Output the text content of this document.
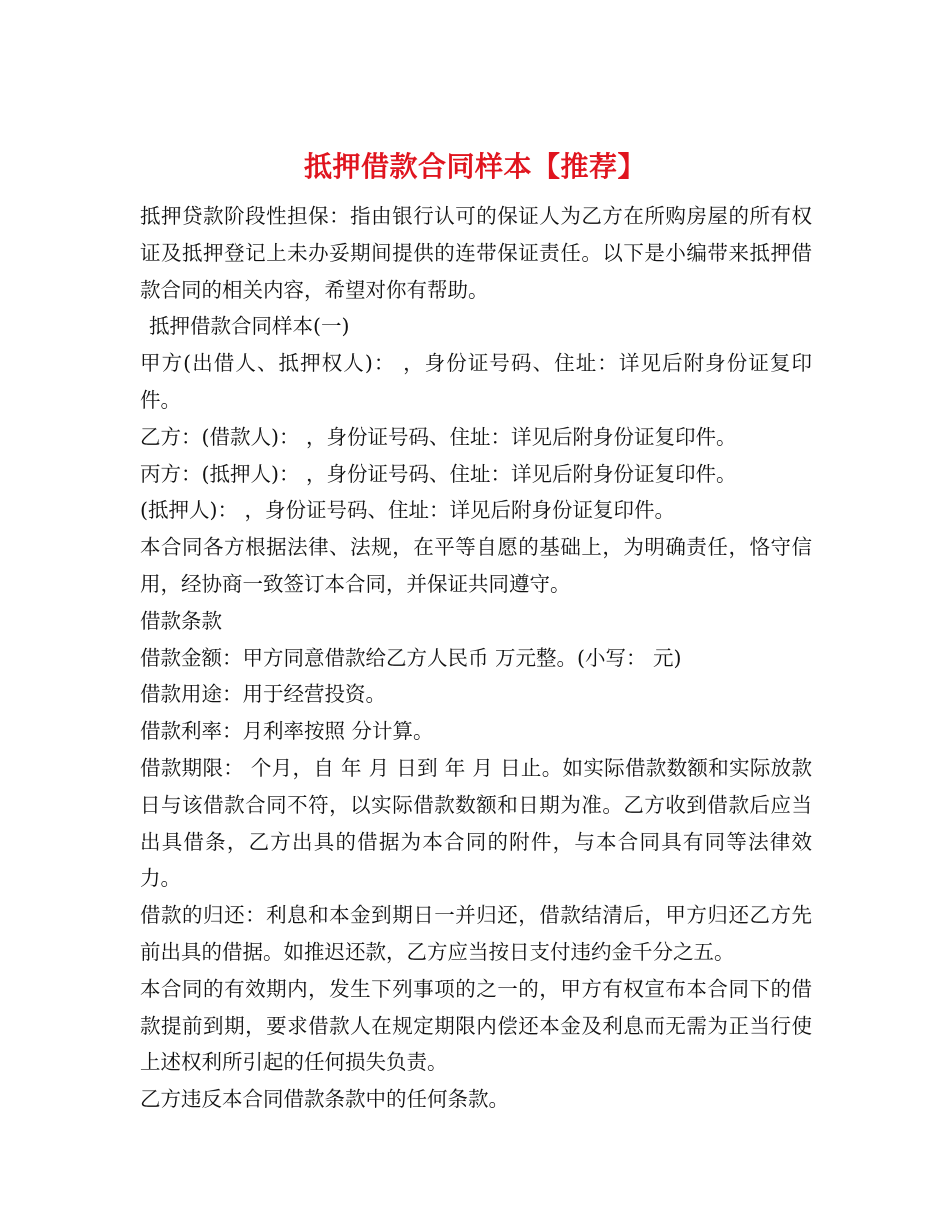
抵押借款合同样本【推荐】

抵押贷款阶段性担保：指由银行认可的保证人为乙方在所购房屋的所有权证及抵押登记上未办妥期间提供的连带保证责任。以下是小编带来抵押借款合同的相关内容，希望对你有帮助。

抵押借款合同样本(一)

甲方(出借人、抵押权人)： ，身份证号码、住址：详见后附身份证复印件。

乙方：(借款人)： ，身份证号码、住址：详见后附身份证复印件。

丙方：(抵押人)： ，身份证号码、住址：详见后附身份证复印件。

(抵押人)： ，身份证号码、住址：详见后附身份证复印件。

本合同各方根据法律、法规，在平等自愿的基础上，为明确责任，恪守信用，经协商一致签订本合同，并保证共同遵守。

借款条款

借款金额：甲方同意借款给乙方人民币 万元整。(小写： 元)

借款用途：用于经营投资。

借款利率：月利率按照 分计算。

借款期限： 个月，自 年 月 日到 年 月 日止。如实际借款数额和实际放款日与该借款合同不符，以实际借款数额和日期为准。乙方收到借款后应当出具借条，乙方出具的借据为本合同的附件，与本合同具有同等法律效力。

借款的归还：利息和本金到期日一并归还，借款结清后，甲方归还乙方先前出具的借据。如推迟还款，乙方应当按日支付违约金千分之五。

本合同的有效期内，发生下列事项的之一的，甲方有权宣布本合同下的借款提前到期，要求借款人在规定期限内偿还本金及利息而无需为正当行使上述权利所引起的任何损失负责。

乙方违反本合同借款条款中的任何条款。
